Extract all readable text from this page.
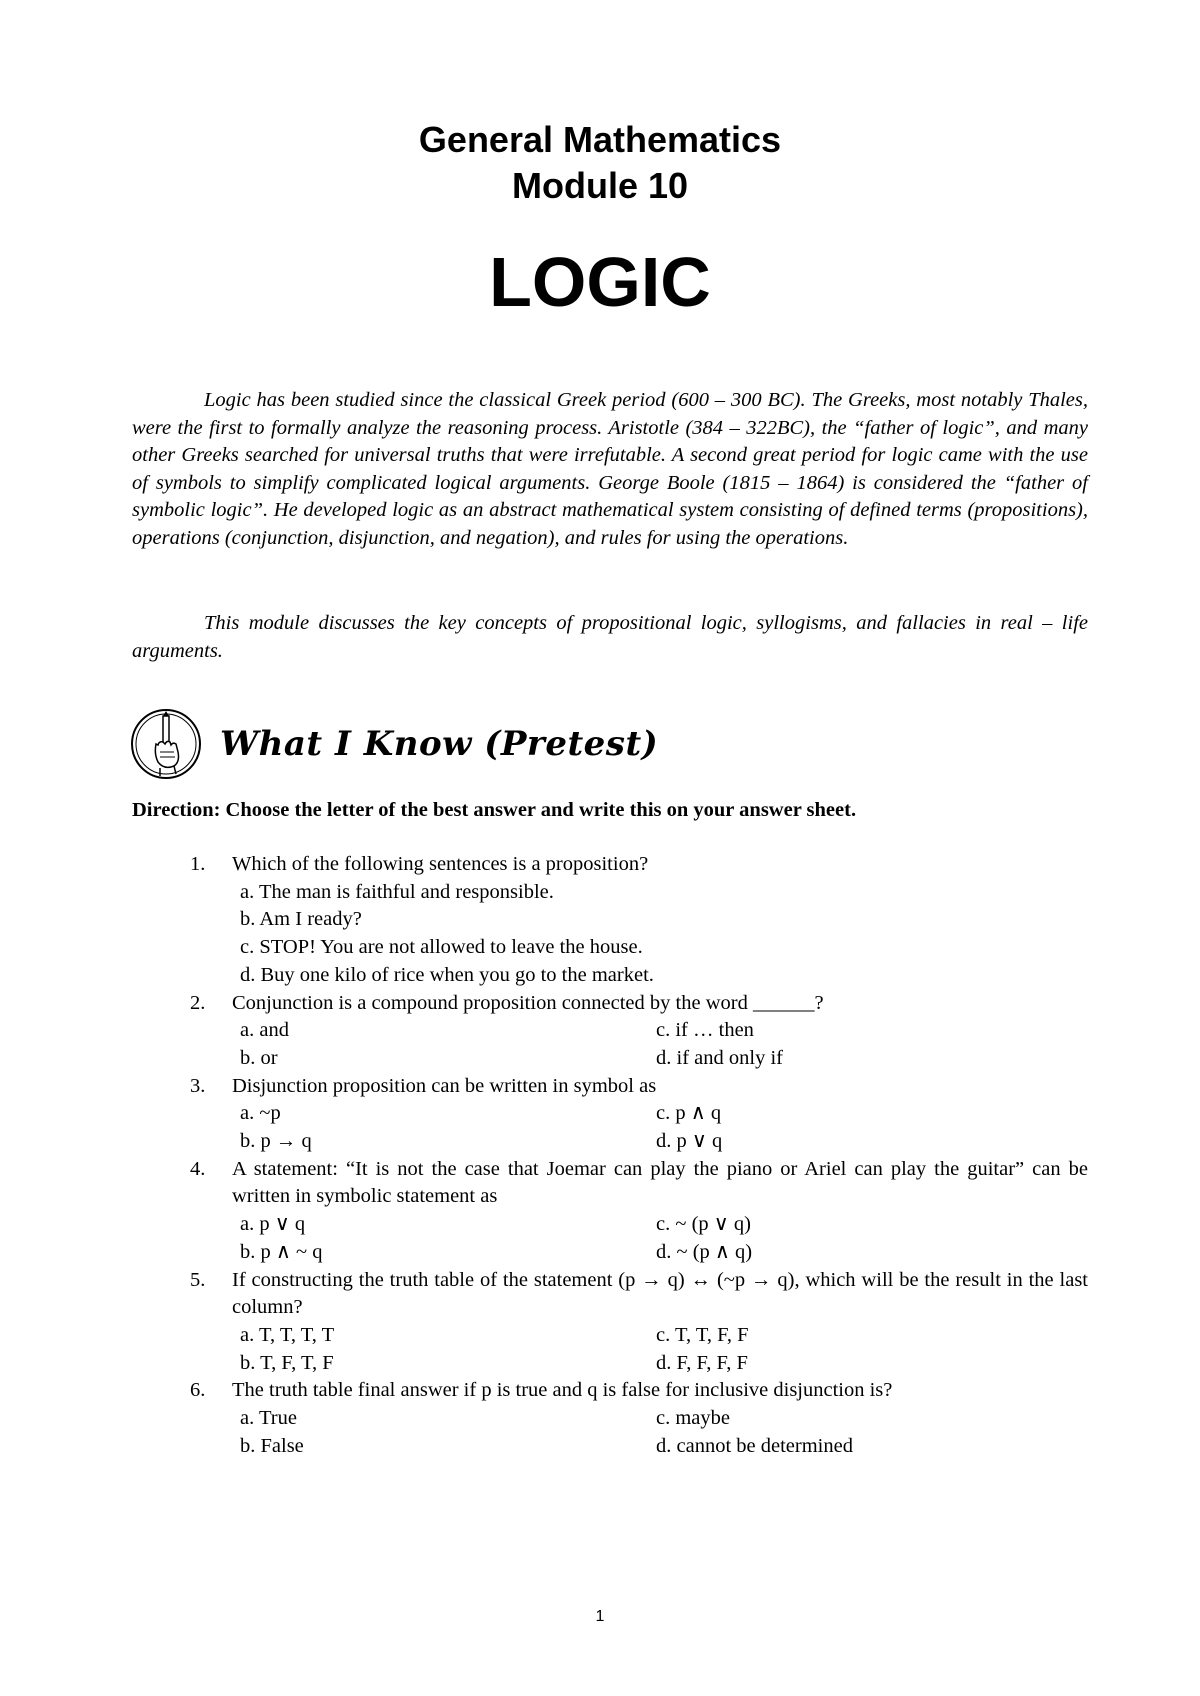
General Mathematics
Module 10
LOGIC

Logic has been studied since the classical Greek period (600 – 300 BC). The Greeks, most notably Thales, were the first to formally analyze the reasoning process. Aristotle (384 – 322BC), the “father of logic”, and many other Greeks searched for universal truths that were irrefutable. A second great period for logic came with the use of symbols to simplify complicated logical arguments. George Boole (1815 – 1864) is considered the “father of symbolic logic”. He developed logic as an abstract mathematical system consisting of defined terms (propositions), operations (conjunction, disjunction, and negation), and rules for using the operations.

This module discusses the key concepts of propositional logic, syllogisms, and fallacies in real – life arguments.

What I Know (Pretest)
Direction: Choose the letter of the best answer and write this on your answer sheet.
1. Which of the following sentences is a proposition?
a. The man is faithful and responsible.
b. Am I ready?
c. STOP! You are not allowed to leave the house.
d. Buy one kilo of rice when you go to the market.
2. Conjunction is a compound proposition connected by the word ______?
a. and	c. if … then
b. or	d. if and only if
3. Disjunction proposition can be written in symbol as
a. ~p	c. p ∧ q
b. p → q	d. p ∨ q
4. A statement: “It is not the case that Joemar can play the piano or Ariel can play the guitar” can be written in symbolic statement as
a. p ∨ q	c. ~ (p ∨ q)
b. p ∧ ~ q	d. ~ (p ∧ q)
5. If constructing the truth table of the statement (p → q) ↔ (~p → q), which will be the result in the last column?
a. T, T, T, T	c. T, T, F, F
b. T, F, T, F	d. F, F, F, F
6. The truth table final answer if p is true and q is false for inclusive disjunction is?
a. True	c. maybe
b. False	d. cannot be determined
1
